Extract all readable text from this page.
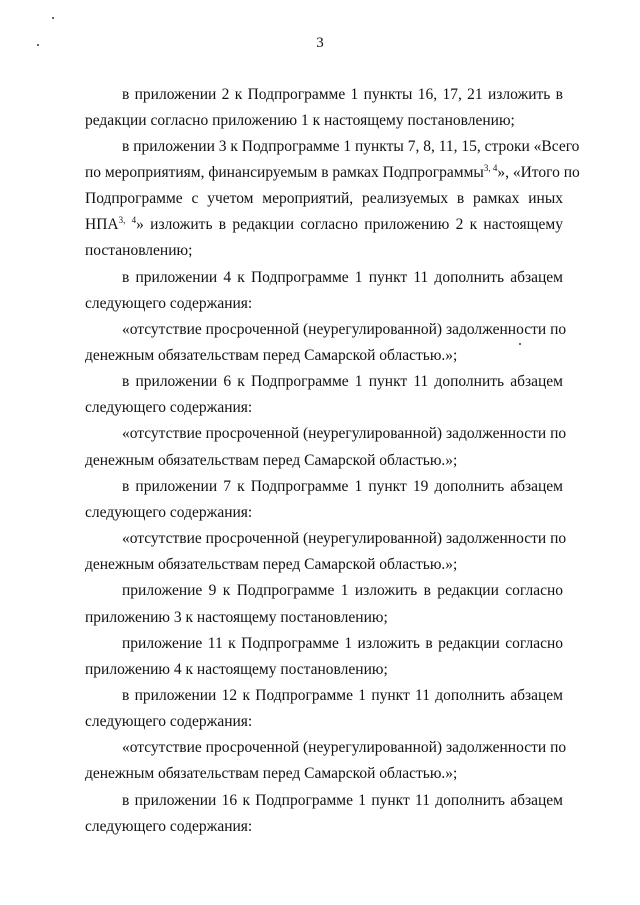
3
в приложении 2 к Подпрограмме 1 пункты 16, 17, 21 изложить в
редакции согласно приложению 1 к настоящему постановлению;
в приложении 3 к Подпрограмме 1 пункты 7, 8, 11, 15, строки «Всего
по мероприятиям, финансируемым в рамках Подпрограммы$^{3, 4}$», «Итого по
Подпрограмме с учетом мероприятий, реализуемых в рамках иных
$НПА^{3,}$ $^4$» изложить в редакции согласно приложению 2 к настоящему
постановлению;
в приложении 4 к Подпрограмме 1 пункт 11 дополнить абзацем
следующего содержания:
«отсутствие просроченной (неурегулированной) задолженности по
денежным обязательствам перед Самарской областью.»;
в приложении 6 к Подпрограмме 1 пункт 11 дополнить абзацем
следующего содержания:
«отсутствие просроченной (неурегулированной) задолженности по
денежным обязательствам перед Самарской областью.»;
в приложении 7 к Подпрограмме 1 пункт 19 дополнить абзацем
следующего содержания:
«отсутствие просроченной (неурегулированной) задолженности по
денежным обязательствам перед Самарской областью.»;
приложение 9 к Подпрограмме 1 изложить в редакции согласно
приложению 3 к настоящему постановлению;
приложение 11 к Подпрограмме 1 изложить в редакции согласно
приложению 4 к настоящему постановлению;
в приложении 12 к Подпрограмме 1 пункт 11 дополнить абзацем
следующего содержания:
«отсутствие просроченной (неурегулированной) задолженности по
денежным обязательствам перед Самарской областью.»;
в приложении 16 к Подпрограмме 1 пункт 11 дополнить абзацем
следующего содержания:
